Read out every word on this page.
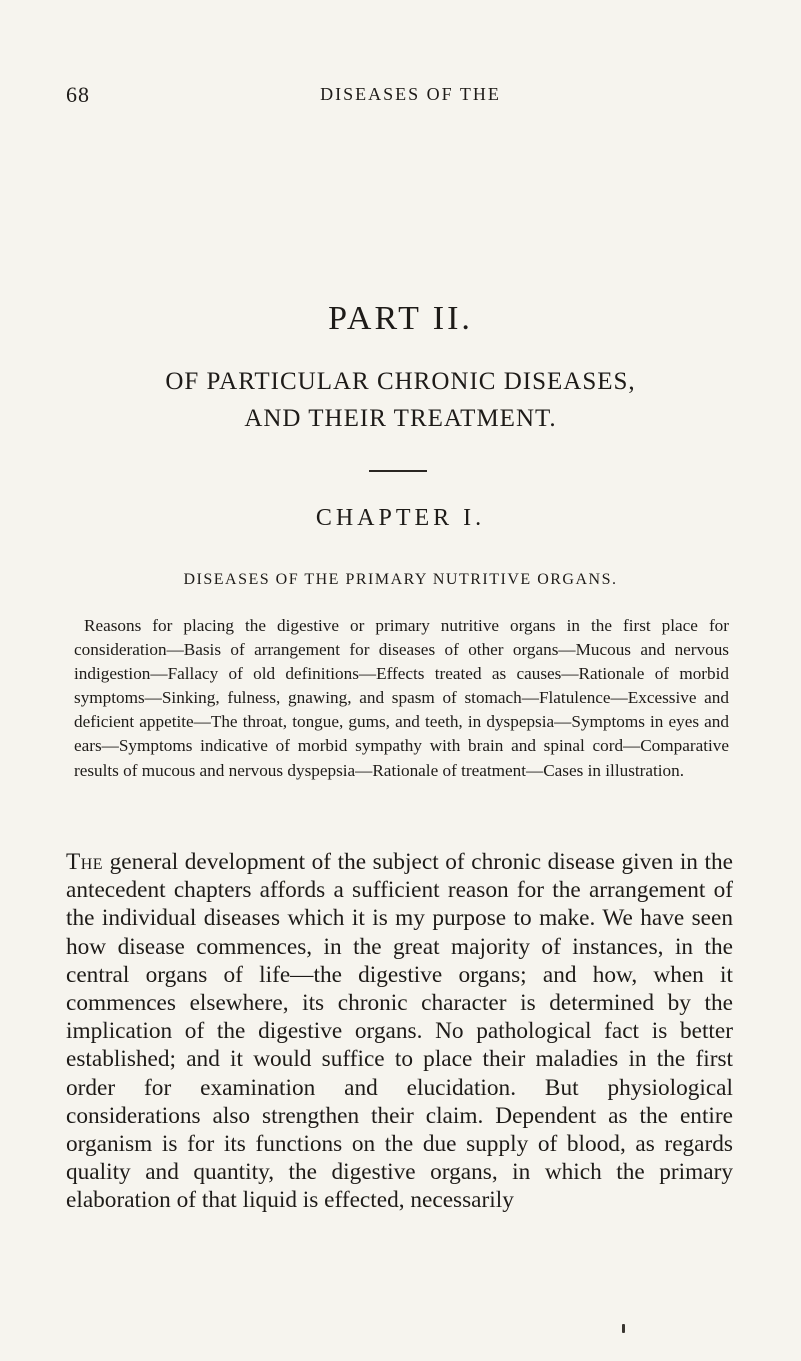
68	DISEASES OF THE
PART II.
OF PARTICULAR CHRONIC DISEASES,
AND THEIR TREATMENT.
CHAPTER I.
DISEASES OF THE PRIMARY NUTRITIVE ORGANS.
Reasons for placing the digestive or primary nutritive organs in the first place for consideration—Basis of arrangement for diseases of other organs—Mucous and nervous indigestion—Fallacy of old definitions—Effects treated as causes—Rationale of morbid symptoms—Sinking, fulness, gnawing, and spasm of stomach—Flatulence—Excessive and deficient appetite—The throat, tongue, gums, and teeth, in dyspepsia—Symptoms in eyes and ears—Symptoms indicative of morbid sympathy with brain and spinal cord—Comparative results of mucous and nervous dyspepsia—Rationale of treatment—Cases in illustration.
The general development of the subject of chronic disease given in the antecedent chapters affords a sufficient reason for the arrangement of the individual diseases which it is my purpose to make. We have seen how disease commences, in the great majority of instances, in the central organs of life—the digestive organs; and how, when it commences elsewhere, its chronic character is determined by the implication of the digestive organs. No pathological fact is better established; and it would suffice to place their maladies in the first order for examination and elucidation. But physiological considerations also strengthen their claim. Dependent as the entire organism is for its functions on the due supply of blood, as regards quality and quantity, the digestive organs, in which the primary elaboration of that liquid is effected, necessarily
